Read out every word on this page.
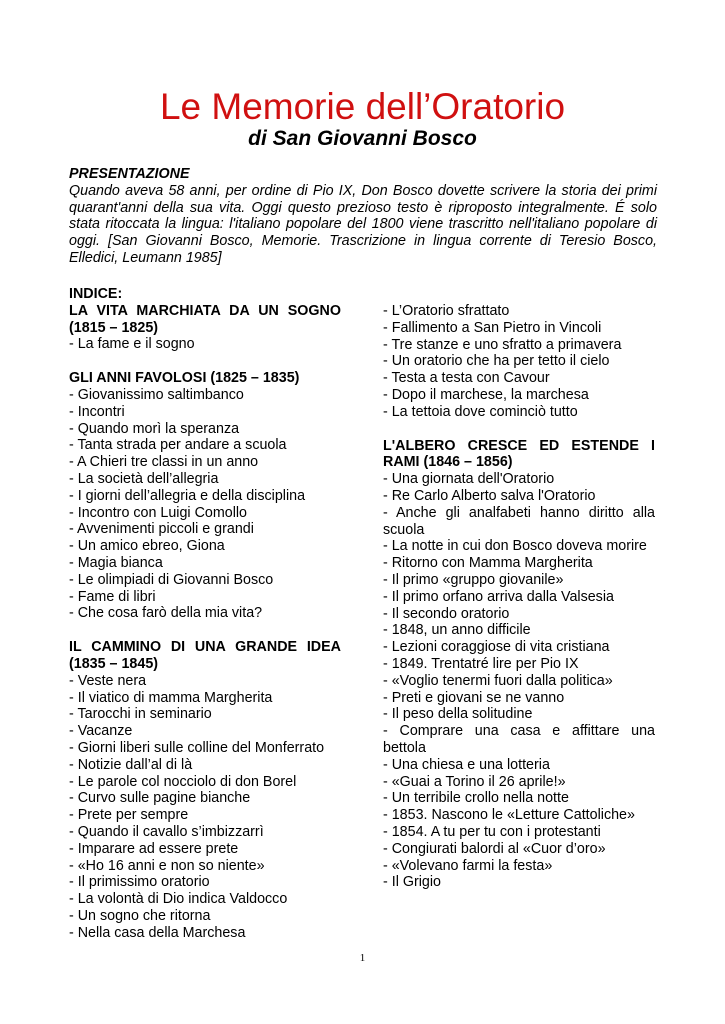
Le Memorie dell’Oratorio
di San Giovanni Bosco
PRESENTAZIONE
Quando aveva 58 anni, per ordine di Pio IX, Don Bosco dovette scrivere la storia dei primi quarant'anni della sua vita. Oggi questo prezioso testo è riproposto integralmente. É solo stata ritoccata la lingua: l'italiano popolare del 1800 viene trascritto nell'italiano popolare di oggi. [San Giovanni Bosco, Memorie. Trascrizione in lingua corrente di Teresio Bosco, Elledici, Leumann 1985]
INDICE:
LA VITA MARCHIATA DA UN SOGNO (1815 – 1825)
- La fame e il sogno
GLI ANNI FAVOLOSI (1825 – 1835)
- Giovanissimo saltimbanco
- Incontri
- Quando morì la speranza
- Tanta strada per andare a scuola
- A Chieri tre classi in un anno
- La società dell’allegria
- I giorni dell’allegria e della disciplina
- Incontro con Luigi Comollo
- Avvenimenti piccoli e grandi
- Un amico ebreo, Giona
- Magia bianca
- Le olimpiadi di Giovanni Bosco
- Fame di libri
- Che cosa farò della mia vita?
IL CAMMINO DI UNA GRANDE IDEA (1835 – 1845)
- Veste nera
- Il viatico di mamma Margherita
- Tarocchi in seminario
- Vacanze
- Giorni liberi sulle colline del Monferrato
- Notizie dall’al di là
- Le parole col nocciolo di don Borel
- Curvo sulle pagine bianche
- Prete per sempre
- Quando il cavallo s’imbizzarrì
- Imparare ad essere prete
- «Ho 16 anni e non so niente»
- Il primissimo oratorio
- La volontà di Dio indica Valdocco
- Un sogno che ritorna
- Nella casa della Marchesa
- L’Oratorio sfrattato
- Fallimento a San Pietro in Vincoli
- Tre stanze e uno sfratto a primavera
- Un oratorio che ha per tetto il cielo
- Testa a testa con Cavour
- Dopo il marchese, la marchesa
- La tettoia dove cominciò tutto
L'ALBERO CRESCE ED ESTENDE I RAMI (1846 – 1856)
- Una giornata dell'Oratorio
- Re Carlo Alberto salva l'Oratorio
- Anche gli analfabeti hanno diritto alla scuola
- La notte in cui don Bosco doveva morire
- Ritorno con Mamma Margherita
- Il primo «gruppo giovanile»
- Il primo orfano arriva dalla Valsesia
- Il secondo oratorio
- 1848, un anno difficile
- Lezioni coraggiose di vita cristiana
- 1849. Trentatré lire per Pio IX
- «Voglio tenermi fuori dalla politica»
- Preti e giovani se ne vanno
- Il peso della solitudine
- Comprare una casa e affittare una bettola
- Una chiesa e una lotteria
- «Guai a Torino il 26 aprile!»
- Un terribile crollo nella notte
- 1853. Nascono le «Letture Cattoliche»
- 1854. A tu per tu con i protestanti
- Congiurati balordi al «Cuor d’oro»
- «Volevano farmi la festa»
- Il Grigio
1
